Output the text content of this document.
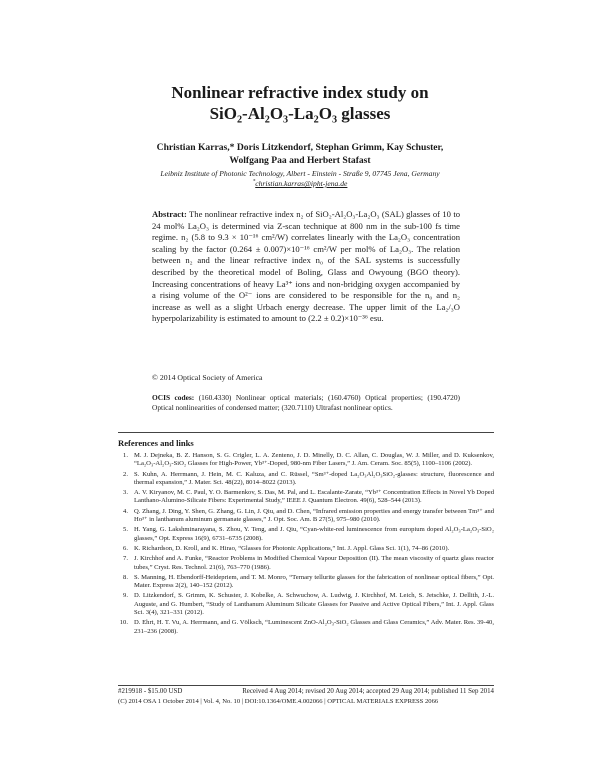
Nonlinear refractive index study on
SiO₂-Al₂O₃-La₂O₃ glasses
Christian Karras,* Doris Litzkendorf, Stephan Grimm, Kay Schuster,
Wolfgang Paa and Herbert Stafast
Leibniz Institute of Photonic Technology, Albert - Einstein - Straße 9, 07745 Jena, Germany
*christian.karras@ipht-jena.de
Abstract: The nonlinear refractive index n₂ of SiO₂-Al₂O₃-La₂O₃ (SAL) glasses of 10 to 24 mol% La₂O₃ is determined via Z-scan technique at 800 nm in the sub-100 fs time regime. n₂ (5.8 to 9.3 × 10⁻¹⁶ cm²/W) correlates linearly with the La₂O₃ concentration scaling by the factor (0.264 ± 0.007)×10⁻¹⁶ cm²/W per mol% of La₂O₃. The relation between n₂ and the linear refractive index n₀ of the SAL systems is successfully described by the theoretical model of Boling, Glass and Owyoung (BGO theory). Increasing concentrations of heavy La³⁺ ions and non-bridging oxygen accompanied by a rising volume of the O²⁻ ions are considered to be responsible for the n₀ and n₂ increase as well as a slight Urbach energy decrease. The upper limit of the La₂/₃O hyperpolarizability is estimated to amount to (2.2 ± 0.2)×10⁻³⁶ esu.
© 2014 Optical Society of America
OCIS codes: (160.4330) Nonlinear optical materials; (160.4760) Optical properties; (190.4720) Optical nonlinearities of condensed matter; (320.7110) Ultrafast nonlinear optics.
References and links
1. M. J. Dejneka, B. Z. Hanson, S. G. Crigler, L. A. Zenteno, J. D. Minelly, D. C. Allan, C. Douglas, W. J. Miller, and D. Kuksenkov, “La₂O₃-Al₂O₃-SiO₂ Glasses for High-Power, Yb³⁺-Doped, 980-nm Fiber Lasers,” J. Am. Ceram. Soc. 85(5), 1100–1106 (2002).
2. S. Kuhn, A. Herrmann, J. Hein, M. C. Kaluza, and C. Rüssel, “Sm³⁺-doped La₂O₃Al₂O₃SiO₂-glasses: structure, fluorescence and thermal expansion,” J. Mater. Sci. 48(22), 8014–8022 (2013).
3. A. V. Kiryanov, M. C. Paul, Y. O. Barmenkov, S. Das, M. Pal, and L. Escalante-Zarate, “Yb³⁺ Concentration Effects in Novel Yb Doped Lanthano-Alumino-Silicate Fibers: Experimental Study,” IEEE J. Quantum Electron. 49(6), 528–544 (2013).
4. Q. Zhang, J. Ding, Y. Shen, G. Zhang, G. Lin, J. Qiu, and D. Chen, “Infrared emission properties and energy transfer between Tm³⁺ and Ho³⁺ in lanthanum aluminum germanate glasses,” J. Opt. Soc. Am. B 27(5), 975–980 (2010).
5. H. Yang, G. Lakshminarayana, S. Zhou, Y. Teng, and J. Qiu, “Cyan-white-red luminescence from europium doped Al₂O₃-La₂O₃-SiO₂ glasses,” Opt. Express 16(9), 6731–6735 (2008).
6. K. Richardson, D. Kroll, and K. Hirao, “Glasses for Photonic Applications,” Int. J. Appl. Glass Sci. 1(1), 74–86 (2010).
7. J. Kirchhof and A. Funke, “Reactor Problems in Modified Chemical Vapour Deposition (II). The mean viscosity of quartz glass reactor tubes,” Cryst. Res. Technol. 21(6), 763–770 (1986).
8. S. Manning, H. Ebendorff-Heidepriem, and T. M. Monro, “Ternary tellurite glasses for the fabrication of nonlinear optical fibers,” Opt. Mater. Express 2(2), 140–152 (2012).
9. D. Litzkendorf, S. Grimm, K. Schuster, J. Kobelke, A. Schwuchow, A. Ludwig, J. Kirchhof, M. Leich, S. Jetschke, J. Dellith, J.-L. Auguste, and G. Humbert, “Study of Lanthanum Aluminum Silicate Glasses for Passive and Active Optical Fibers,” Int. J. Appl. Glass Sci. 3(4), 321–331 (2012).
10. D. Ehrt, H. T. Vu, A. Herrmann, and G. Völksch, “Luminescent ZnO-Al₂O₃-SiO₂ Glasses and Glass Ceramics,” Adv. Mater. Res. 39-40, 231–236 (2008).
#219918 - $15.00 USD	Received 4 Aug 2014; revised 20 Aug 2014; accepted 29 Aug 2014; published 11 Sep 2014
(C) 2014 OSA 1 October 2014 | Vol. 4, No. 10 | DOI:10.1364/OME.4.002066 | OPTICAL MATERIALS EXPRESS 2066
